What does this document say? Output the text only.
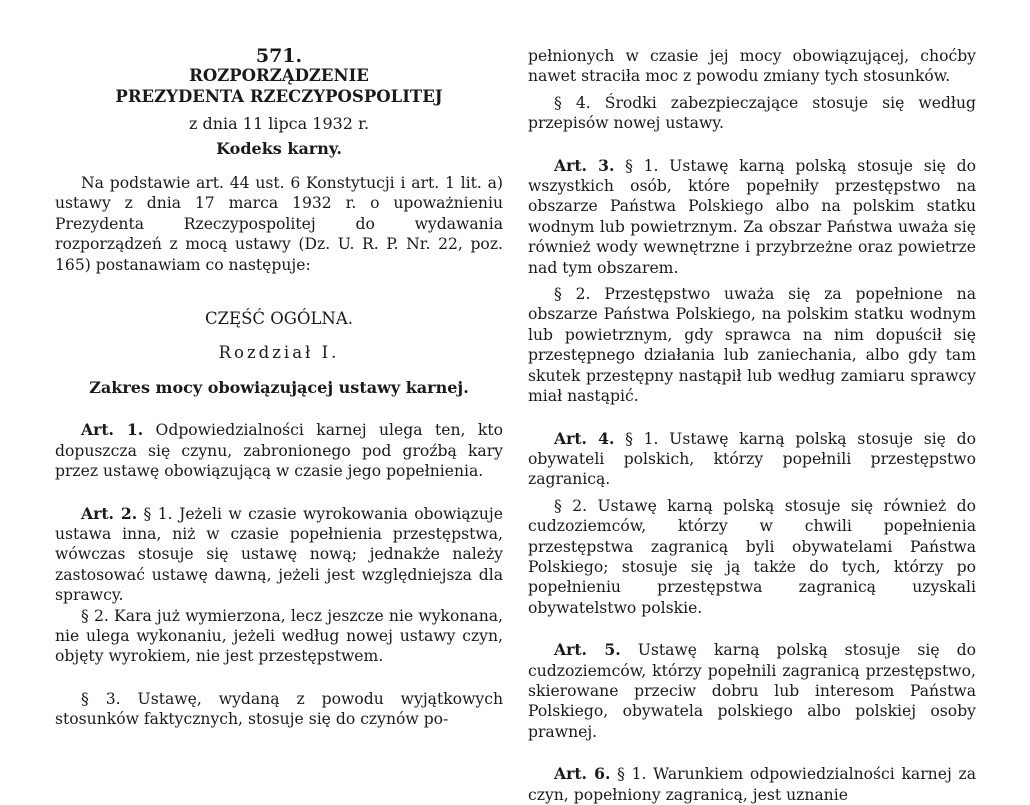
571.

ROZPORZĄDZENIE

PREZYDENTA RZECZYPOSPOLITEJ

z dnia 11 lipca 1932 r.

Kodeks karny.

Na podstawie art. 44 ust. 6 Konstytucji i art. 1 lit. a) ustawy z dnia 17 marca 1932 r. o upoważnieniu Prezydenta Rzeczypospolitej do wydawania rozporządzeń z mocą ustawy (Dz. U. R. P. Nr. 22, poz. 165) postanawiam co następuje:

CZĘŚĆ OGÓLNA.

Rozdział I.

Zakres mocy obowiązującej ustawy karnej.

Art. 1. Odpowiedzialności karnej ulega ten, kto dopuszcza się czynu, zabronionego pod groźbą kary przez ustawę obowiązującą w czasie jego popełnienia.

Art. 2. § 1. Jeżeli w czasie wyrokowania obowiązuje ustawa inna, niż w czasie popełnienia przestępstwa, wówczas stosuje się ustawę nową; jednakże należy zastosować ustawę dawną, jeżeli jest względniejsza dla sprawcy.

§ 2. Kara już wymierzona, lecz jeszcze nie wykonana, nie ulega wykonaniu, jeżeli według nowej ustawy czyn, objęty wyrokiem, nie jest przestępstwem.

§ 3. Ustawę, wydaną z powodu wyjątkowych stosunków faktycznych, stosuje się do czynów po-

pełnionych w czasie jej mocy obowiązującej, choćby nawet straciła moc z powodu zmiany tych stosunków.

§ 4. Środki zabezpieczające stosuje się według przepisów nowej ustawy.

Art. 3. § 1. Ustawę karną polską stosuje się do wszystkich osób, które popełniły przestępstwo na obszarze Państwa Polskiego albo na polskim statku wodnym lub powietrznym. Za obszar Państwa uważa się również wody wewnętrzne i przybrzeżne oraz powietrze nad tym obszarem.

§ 2. Przestępstwo uważa się za popełnione na obszarze Państwa Polskiego, na polskim statku wodnym lub powietrznym, gdy sprawca na nim dopuścił się przestępnego działania lub zaniechania, albo gdy tam skutek przestępny nastąpił lub według zamiaru sprawcy miał nastąpić.

Art. 4. § 1. Ustawę karną polską stosuje się do obywateli polskich, którzy popełnili przestępstwo zagranicą.

§ 2. Ustawę karną polską stosuje się również do cudzoziemców, którzy w chwili popełnienia przestępstwa zagranicą byli obywatelami Państwa Polskiego; stosuje się ją także do tych, którzy po popełnieniu przestępstwa zagranicą uzyskali obywatelstwo polskie.

Art. 5. Ustawę karną polską stosuje się do cudzoziemców, którzy popełnili zagranicą przestępstwo, skierowane przeciw dobru lub interesom Państwa Polskiego, obywatela polskiego albo polskiej osoby prawnej.

Art. 6. § 1. Warunkiem odpowiedzialności karnej za czyn, popełniony zagranicą, jest uznanie
